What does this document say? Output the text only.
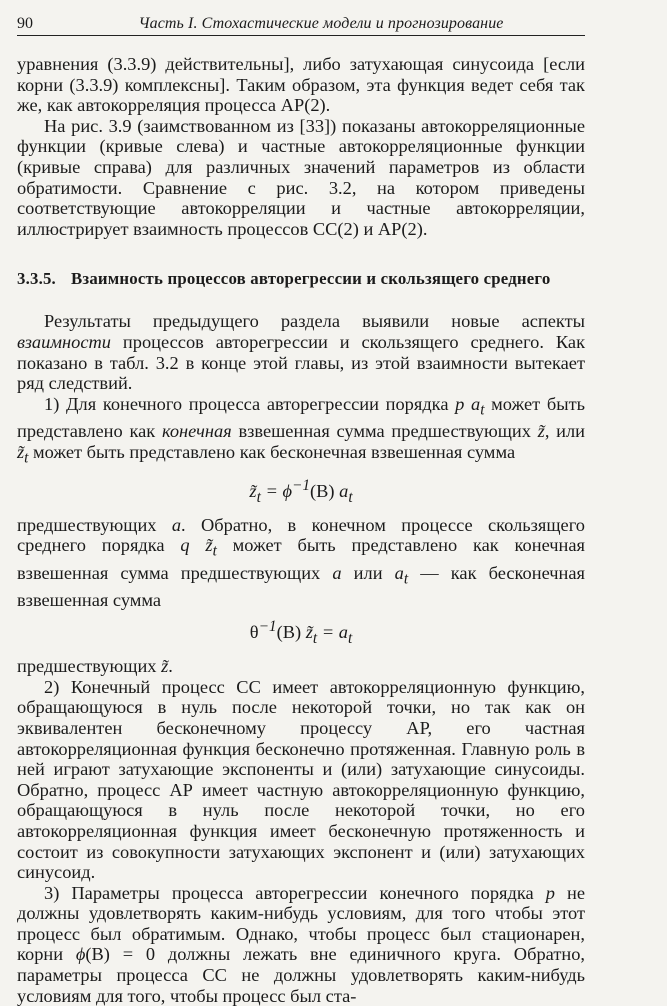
90	Часть I. Стохастические модели и прогнозирование

уравнения (3.3.9) действительны], либо затухающая синусоида [если корни (3.3.9) комплексны]. Таким образом, эта функция ведет себя так же, как автокорреляция процесса АР(2).

На рис. 3.9 (заимствованном из [33]) показаны автокорреляционные функции (кривые слева) и частные автокорреляционные функции (кривые справа) для различных значений параметров из области обратимости. Сравнение с рис. 3.2, на котором приведены соответствующие автокорреляции и частные автокорреляции, иллюстрирует взаимность процессов СС(2) и АР(2).

3.3.5. Взаимность процессов авторегрессии и скользящего среднего

Результаты предыдущего раздела выявили новые аспекты взаимности процессов авторегрессии и скользящего среднего. Как показано в табл. 3.2 в конце этой главы, из этой взаимности вытекает ряд следствий.

1) Для конечного процесса авторегрессии порядка p $a_t$ может быть представлено как конечная взвешенная сумма предшествующих z̃, или $z̃_t$ может быть представлено как бесконечная взвешенная сумма

$z̃_t = \phi^{-1}(B)$ $a_t$

предшествующих a. Обратно, в конечном процессе скользящего среднего порядка q $z̃_t$ может быть представлено как конечная взвешенная сумма предшествующих a или $a_t$ — как бесконечная взвешенная сумма

$\theta^{-1}(B)$ $z̃_t = a_t$

предшествующих z̃.

2) Конечный процесс СС имеет автокорреляционную функцию, обращающуюся в нуль после некоторой точки, но так как он эквивалентен бесконечному процессу АР, его частная автокорреляционная функция бесконечно протяженная. Главную роль в ней играют затухающие экспоненты и (или) затухающие синусоиды. Обратно, процесс АР имеет частную автокорреляционную функцию, обращающуюся в нуль после некоторой точки, но его автокорреляционная функция имеет бесконечную протяженность и состоит из совокупности затухающих экспонент и (или) затухающих синусоид.

3) Параметры процесса авторегрессии конечного порядка p не должны удовлетворять каким-нибудь условиям, для того чтобы этот процесс был обратимым. Однако, чтобы процесс был стационарен, корни ϕ(B) = 0 должны лежать вне единичного круга. Обратно, параметры процесса СС не должны удовлетворять каким-нибудь условиям для того, чтобы процесс был ста-
